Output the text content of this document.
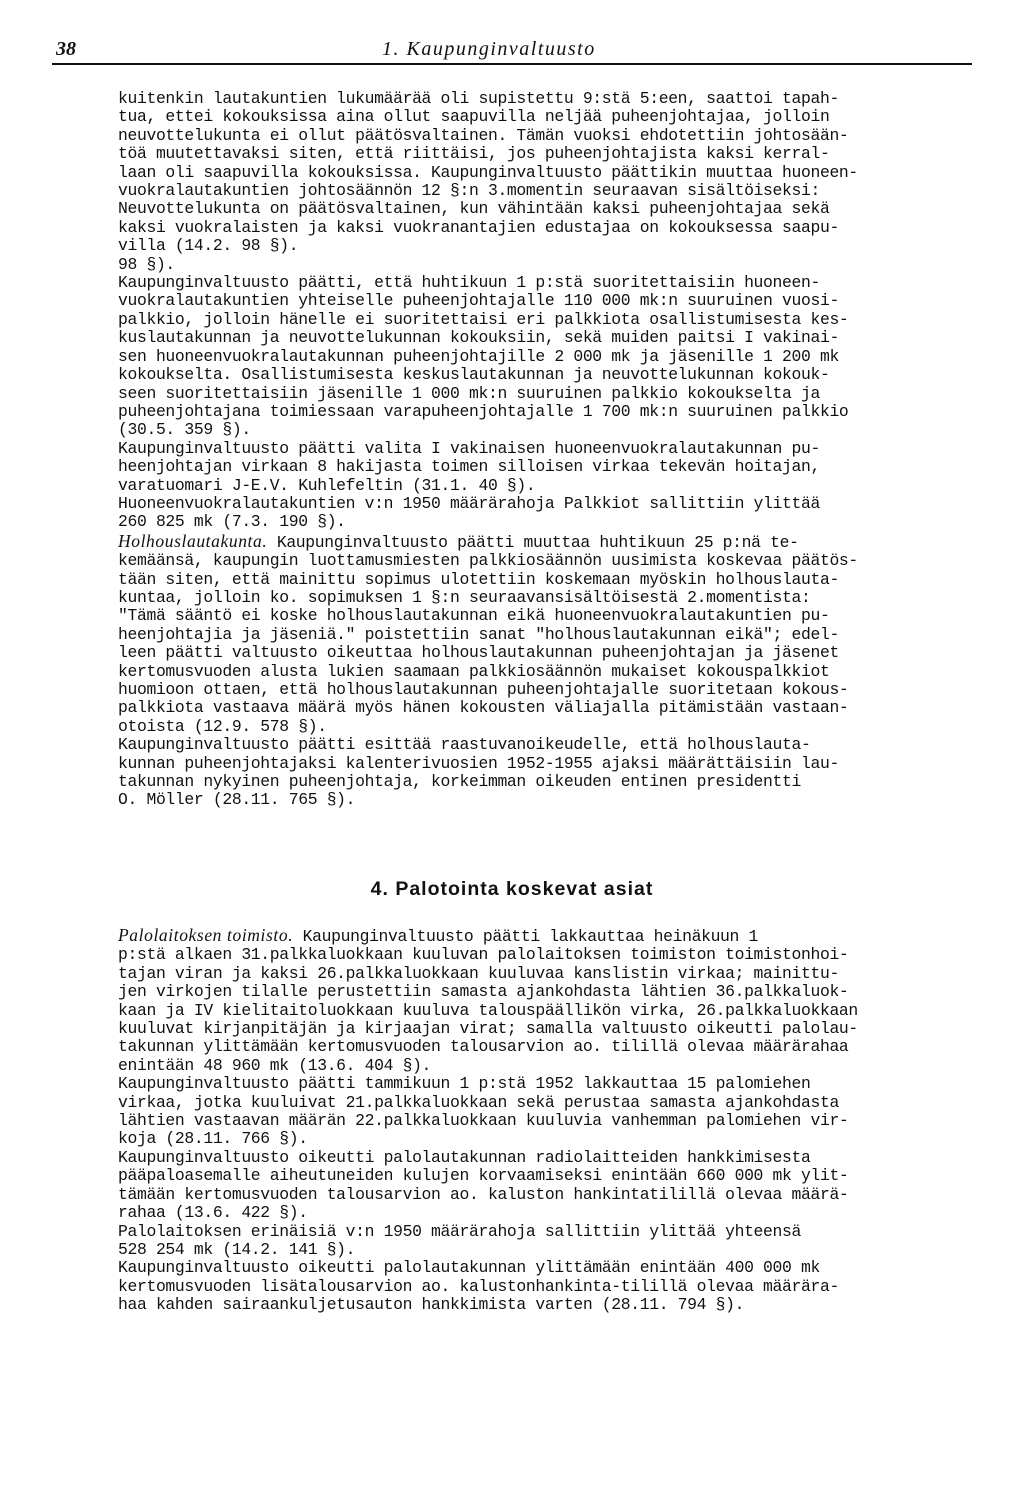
38	1. Kaupunginvaltuusto

kuitenkin lautakuntien lukumäärää oli supistettu 9:stä 5:een, saattoi tapah-

tua, ettei kokouksissa aina ollut saapuvilla neljää puheenjohtajaa, jolloin

neuvottelukunta ei ollut päätösvaltainen. Tämän vuoksi ehdotettiin johtosään-

töä muutettavaksi siten, että riittäisi, jos puheenjohtajista kaksi kerral-

laan oli saapuvilla kokouksissa. Kaupunginvaltuusto päättikin muuttaa huoneen-

vuokralautakuntien johtosäännön 12 §:n 3.momentin seuraavan sisältöiseksi:

Neuvottelukunta on päätösvaltainen, kun vähintään kaksi puheenjohtajaa sekä

kaksi vuokralaisten ja kaksi vuokranantajien edustajaa on kokouksessa saapu-

villa (14.2. 98 §).

98 §).

Kaupunginvaltuusto päätti, että huhtikuun 1 p:stä suoritettaisiin huoneen-

vuokralautakuntien yhteiselle puheenjohtajalle 110 000 mk:n suuruinen vuosi-

palkkio, jolloin hänelle ei suoritettaisi eri palkkiota osallistumisesta kes-

kuslautakunnan ja neuvottelukunnan kokouksiin, sekä muiden paitsi I vakinai-

sen huoneenvuokralautakunnan puheenjohtajille 2 000 mk ja jäsenille 1 200 mk

kokoukselta. Osallistumisesta keskuslautakunnan ja neuvottelukunnan kokouk-

seen suoritettaisiin jäsenille 1 000 mk:n suuruinen palkkio kokoukselta ja

puheenjohtajana toimiessaan varapuheenjohtajalle 1 700 mk:n suuruinen palkkio

(30.5. 359 §).

Kaupunginvaltuusto päätti valita I vakinaisen huoneenvuokralautakunnan pu-

heenjohtajan virkaan 8 hakijasta toimen silloisen virkaa tekevän hoitajan,

varatuomari J-E.V. Kuhlefeltin (31.1. 40 §).

Huoneenvuokralautakuntien v:n 1950 määrärahoja Palkkiot sallittiin ylittää

260 825 mk (7.3. 190 §).

Holhouslautakunta. Kaupunginvaltuusto päätti muuttaa huhtikuun 25 p:nä te-

kemäänsä, kaupungin luottamusmiesten palkkiosäännön uusimista koskevaa päätös-

tään siten, että mainittu sopimus ulotettiin koskemaan myöskin holhouslauta-

kuntaa, jolloin ko. sopimuksen 1 §:n seuraavansisältöisestä 2.momentista:

"Tämä sääntö ei koske holhouslautakunnan eikä huoneenvuokralautakuntien pu-

heenjohtajia ja jäseniä." poistettiin sanat "holhouslautakunnan eikä"; edel-

leen päätti valtuusto oikeuttaa holhouslautakunnan puheenjohtajan ja jäsenet

kertomusvuoden alusta lukien saamaan palkkiosäännön mukaiset kokouspalkkiot

huomioon ottaen, että holhouslautakunnan puheenjohtajalle suoritetaan kokous-

palkkiota vastaava määrä myös hänen kokousten väliajalla pitämistään vastaan-

otoista (12.9. 578 §).

Kaupunginvaltuusto päätti esittää raastuvanoikeudelle, että holhouslauta-

kunnan puheenjohtajaksi kalenterivuosien 1952-1955 ajaksi määrättäisiin lau-

takunnan nykyinen puheenjohtaja, korkeimman oikeuden entinen presidentti

O. Möller (28.11. 765 §).

4. Palotointa koskevat asiat

Palolaitoksen toimisto. Kaupunginvaltuusto päätti lakkauttaa heinäkuun 1

p:stä alkaen 31.palkkaluokkaan kuuluvan palolaitoksen toimiston toimistonhoi-

tajan viran ja kaksi 26.palkkaluokkaan kuuluvaa kanslistin virkaa; mainittu-

jen virkojen tilalle perustettiin samasta ajankohdasta lähtien 36.palkkaluok-

kaan ja IV kielitaitoluokkaan kuuluva talouspäällikön virka, 26.palkkaluokkaan

kuuluvat kirjanpitäjän ja kirjaajan virat; samalla valtuusto oikeutti palolau-

takunnan ylittämään kertomusvuoden talousarvion ao. tilillä olevaa määrärahaa

enintään 48 960 mk (13.6. 404 §).

Kaupunginvaltuusto päätti tammikuun 1 p:stä 1952 lakkauttaa 15 palomiehen

virkaa, jotka kuuluivat 21.palkkaluokkaan sekä perustaa samasta ajankohdasta

lähtien vastaavan määrän 22.palkkaluokkaan kuuluvia vanhemman palomiehen vir-

koja (28.11. 766 §).

Kaupunginvaltuusto oikeutti palolautakunnan radiolaitteiden hankkimisesta

pääpaloasemalle aiheutuneiden kulujen korvaamiseksi enintään 660 000 mk ylit-

tämään kertomusvuoden talousarvion ao. kaluston hankintatilillä olevaa määrä-

rahaa (13.6. 422 §).

Palolaitoksen erinäisiä v:n 1950 määrärahoja sallittiin ylittää yhteensä

528 254 mk (14.2. 141 §).

Kaupunginvaltuusto oikeutti palolautakunnan ylittämään enintään 400 000 mk

kertomusvuoden lisätalousarvion ao. kalustonhankinta-tilillä olevaa määrära-

haa kahden sairaankuljetusauton hankkimista varten (28.11. 794 §).
